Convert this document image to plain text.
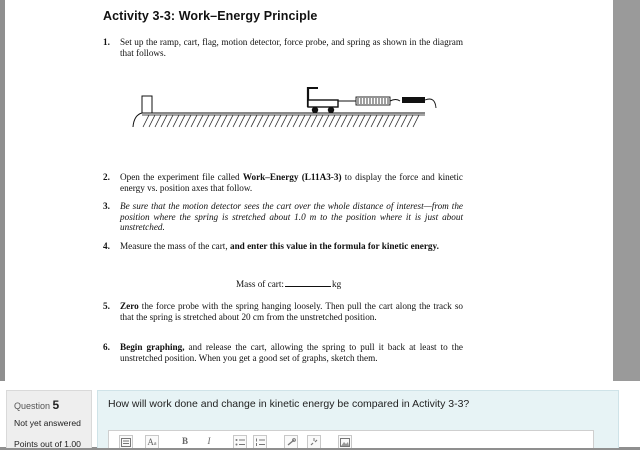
Activity 3-3: Work–Energy Principle
1. Set up the ramp, cart, flag, motion detector, force probe, and spring as shown in the diagram that follows.
2. Open the experiment file called Work–Energy (L11A3-3) to display the force and kinetic energy vs. position axes that follow.
3. Be sure that the motion detector sees the cart over the whole distance of interest—from the position where the spring is stretched about 1.0 m to the position where it is just about unstretched.
4. Measure the mass of the cart, and enter this value in the formula for kinetic energy.
Mass of cart:	kg
5. Zero the force probe with the spring hanging loosely. Then pull the cart along the track so that the spring is stretched about 20 cm from the unstretched position.
6. Begin graphing, and release the cart, allowing the spring to pull it back at least to the unstretched position. When you get a good set of graphs, sketch them.
Question 5
Not yet answered
Points out of 1.00
How will work done and change in kinetic energy be compared in Activity 3-3?
Aa	B	I
